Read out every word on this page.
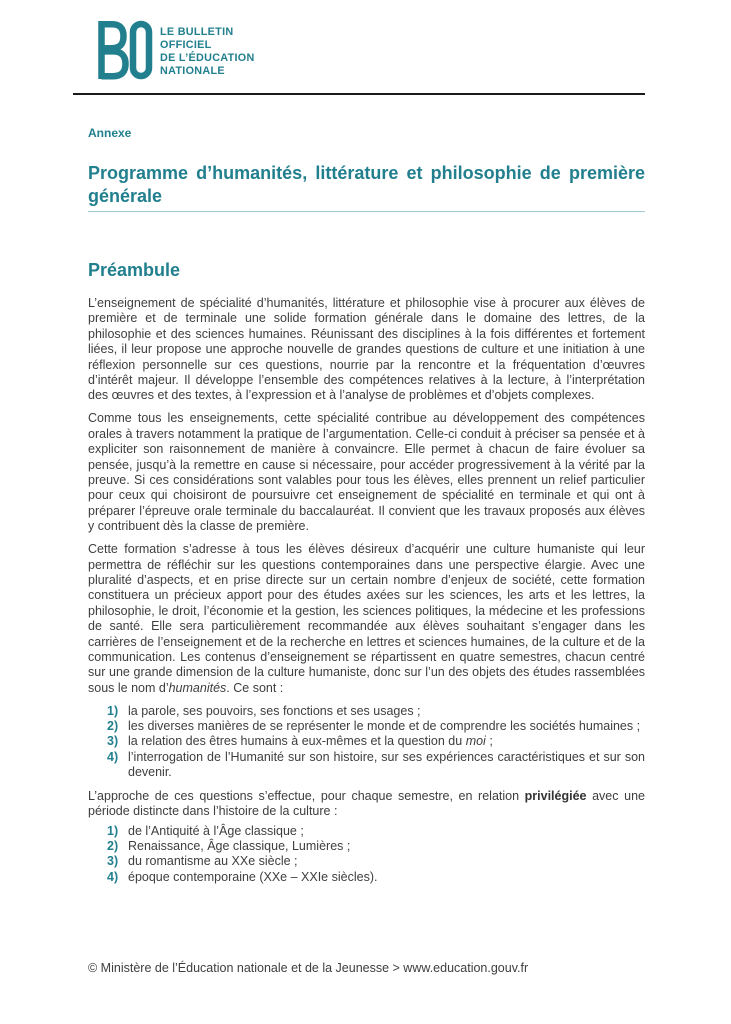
LE BULLETIN
OFFICIEL
DE L’ÉDUCATION
NATIONALE
Annexe
Programme d’humanités, littérature et philosophie de première générale
Préambule

L’enseignement de spécialité d’humanités, littérature et philosophie vise à procurer aux élèves de première et de terminale une solide formation générale dans le domaine des lettres, de la philosophie et des sciences humaines. Réunissant des disciplines à la fois différentes et fortement liées, il leur propose une approche nouvelle de grandes questions de culture et une initiation à une réflexion personnelle sur ces questions, nourrie par la rencontre et la fréquentation d’œuvres d’intérêt majeur. Il développe l’ensemble des compétences relatives à la lecture, à l’interprétation des œuvres et des textes, à l’expression et à l’analyse de problèmes et d’objets complexes.

Comme tous les enseignements, cette spécialité contribue au développement des compétences orales à travers notamment la pratique de l’argumentation. Celle-ci conduit à préciser sa pensée et à expliciter son raisonnement de manière à convaincre. Elle permet à chacun de faire évoluer sa pensée, jusqu’à la remettre en cause si nécessaire, pour accéder progressivement à la vérité par la preuve. Si ces considérations sont valables pour tous les élèves, elles prennent un relief particulier pour ceux qui choisiront de poursuivre cet enseignement de spécialité en terminale et qui ont à préparer l’épreuve orale terminale du baccalauréat. Il convient que les travaux proposés aux élèves y contribuent dès la classe de première.

Cette formation s’adresse à tous les élèves désireux d’acquérir une culture humaniste qui leur permettra de réfléchir sur les questions contemporaines dans une perspective élargie. Avec une pluralité d’aspects, et en prise directe sur un certain nombre d’enjeux de société, cette formation constituera un précieux apport pour des études axées sur les sciences, les arts et les lettres, la philosophie, le droit, l’économie et la gestion, les sciences politiques, la médecine et les professions de santé. Elle sera particulièrement recommandée aux élèves souhaitant s’engager dans les carrières de l’enseignement et de la recherche en lettres et sciences humaines, de la culture et de la communication. Les contenus d’enseignement se répartissent en quatre semestres, chacun centré sur une grande dimension de la culture humaniste, donc sur l’un des objets des études rassemblées sous le nom d’humanités. Ce sont :

1) la parole, ses pouvoirs, ses fonctions et ses usages ;
2) les diverses manières de se représenter le monde et de comprendre les sociétés humaines ;
3) la relation des êtres humains à eux-mêmes et la question du moi ;
4) l’interrogation de l’Humanité sur son histoire, sur ses expériences caractéristiques et sur son devenir.

L’approche de ces questions s’effectue, pour chaque semestre, en relation privilégiée avec une période distincte dans l’histoire de la culture :

1) de l’Antiquité à l’Âge classique ;
2) Renaissance, Âge classique, Lumières ;
3) du romantisme au XXe siècle ;
4) époque contemporaine (XXe – XXIe siècles).
© Ministère de l’Éducation nationale et de la Jeunesse > www.education.gouv.fr
